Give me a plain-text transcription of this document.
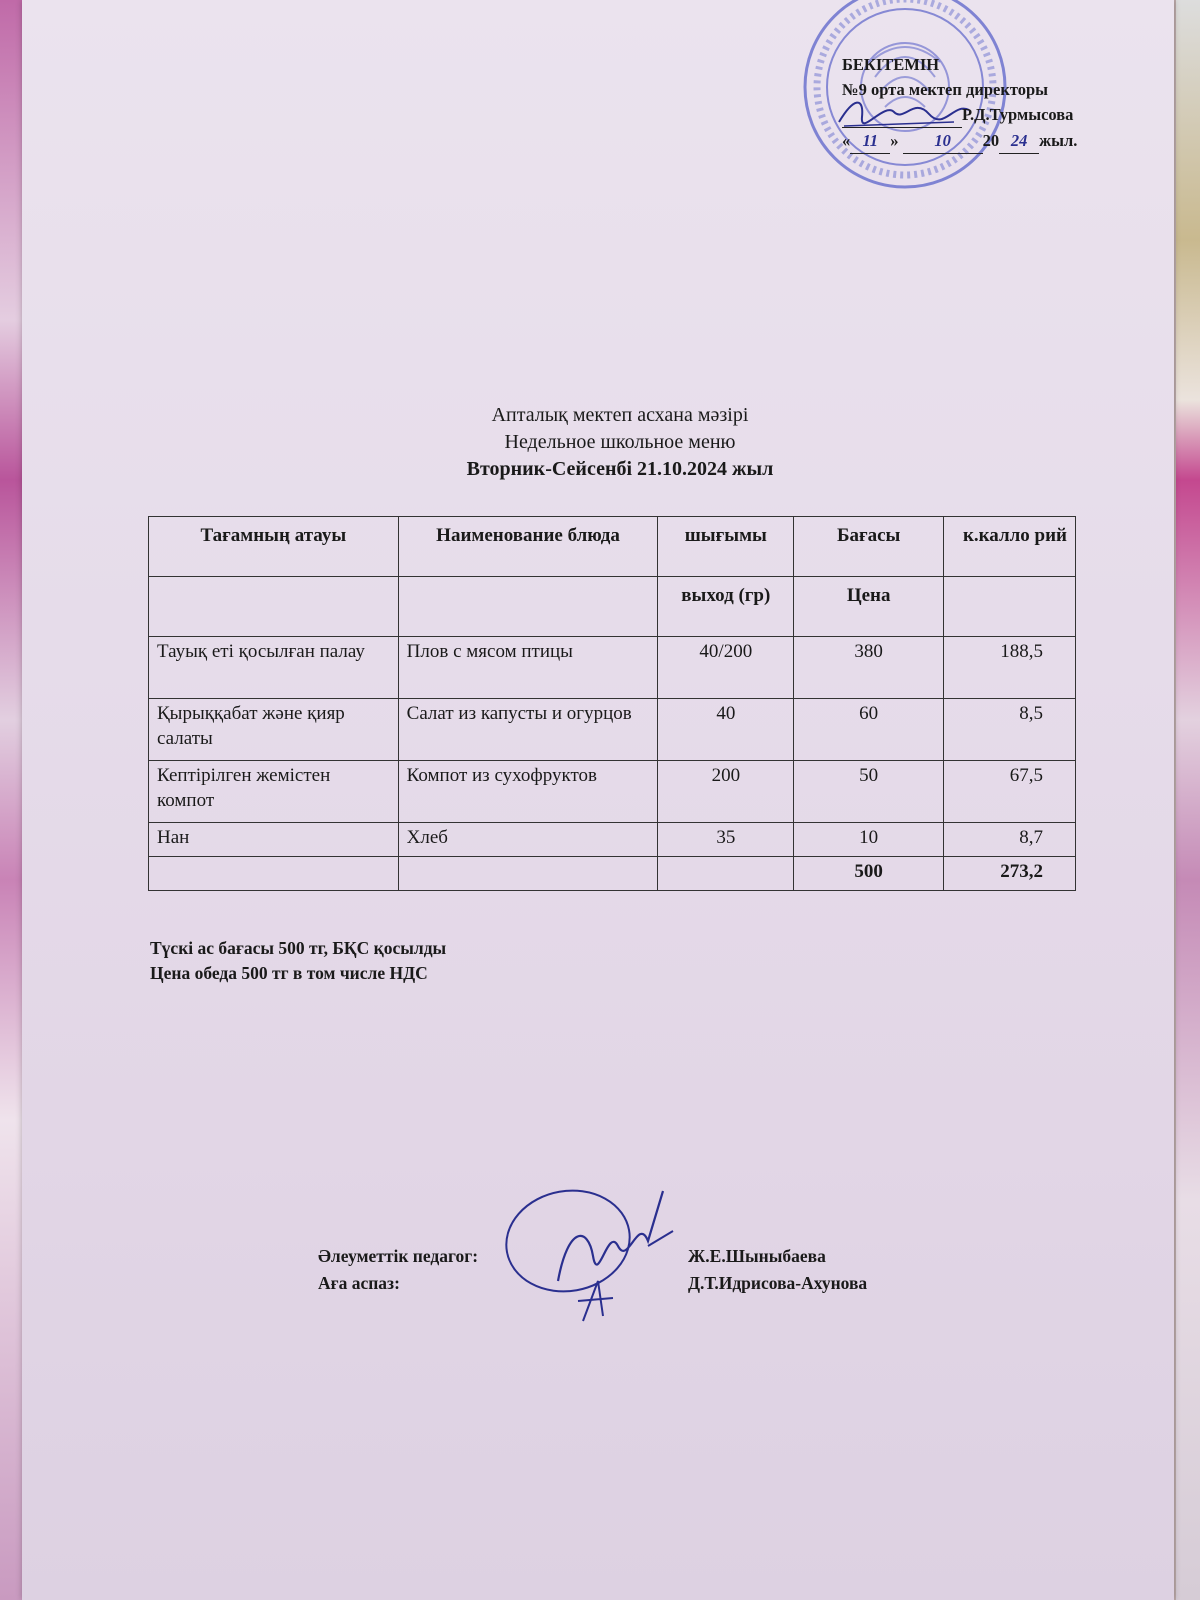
БЕКІТЕМІН
№9 орта мектеп директоры
Р.Д.Турмысова
« 11 » 10 20 24 жыл.
Апталық мектеп асхана мәзірі
Недельное школьное меню
Вторник-Сейсенбі 21.10.2024 жыл
Тағамның атауы	Наименование блюда	шығымы	Бағасы	к.калло рий
		выход (гр)	Цена	
Тауық еті қосылған палау	Плов с мясом птицы	40/200	380	188,5
Қырыққабат және қияр салаты	Салат из капусты и огурцов	40	60	8,5
Кептірілген жемістен компот	Компот из сухофруктов	200	50	67,5
Нан	Хлеб	35	10	8,7
			500	273,2
Түскі ас бағасы 500 тг, БҚС қосылды
Цена обеда 500 тг в том числе НДС
Әлеуметтік педагог:	Ж.Е.Шыныбаева
Аға аспаз:	Д.Т.Идрисова-Ахунова
